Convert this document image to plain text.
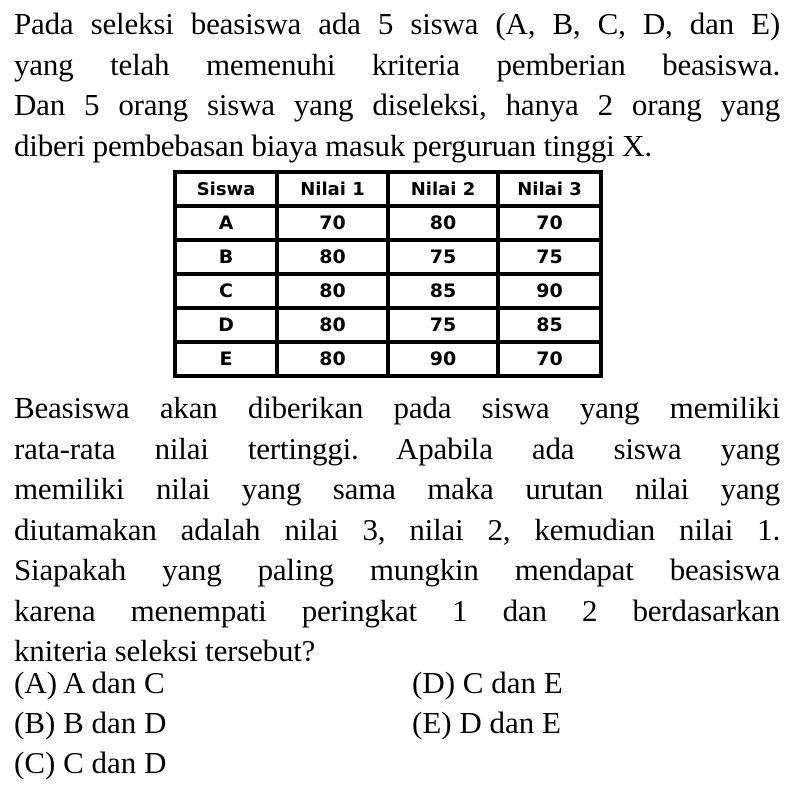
Pada seleksi beasiswa ada 5 siswa (A, B, C, D, dan E)
yang telah memenuhi kriteria pemberian beasiswa.
Dan 5 orang siswa yang diseleksi, hanya 2 orang yang
diberi pembebasan biaya masuk perguruan tinggi X.
Siswa	Nilai 1	Nilai 2	Nilai 3
A	70	80	70
B	80	75	75
C	80	85	90
D	80	75	85
E	80	90	70
Beasiswa akan diberikan pada siswa yang memiliki
rata-rata nilai tertinggi. Apabila ada siswa yang
memiliki nilai yang sama maka urutan nilai yang
diutamakan adalah nilai 3, nilai 2, kemudian nilai 1.
Siapakah yang paling mungkin mendapat beasiswa
karena menempati peringkat 1 dan 2 berdasarkan
kniteria seleksi tersebut?
(A) A dan C
(B) B dan D
(C) C dan D
(D) C dan E
(E) D dan E
